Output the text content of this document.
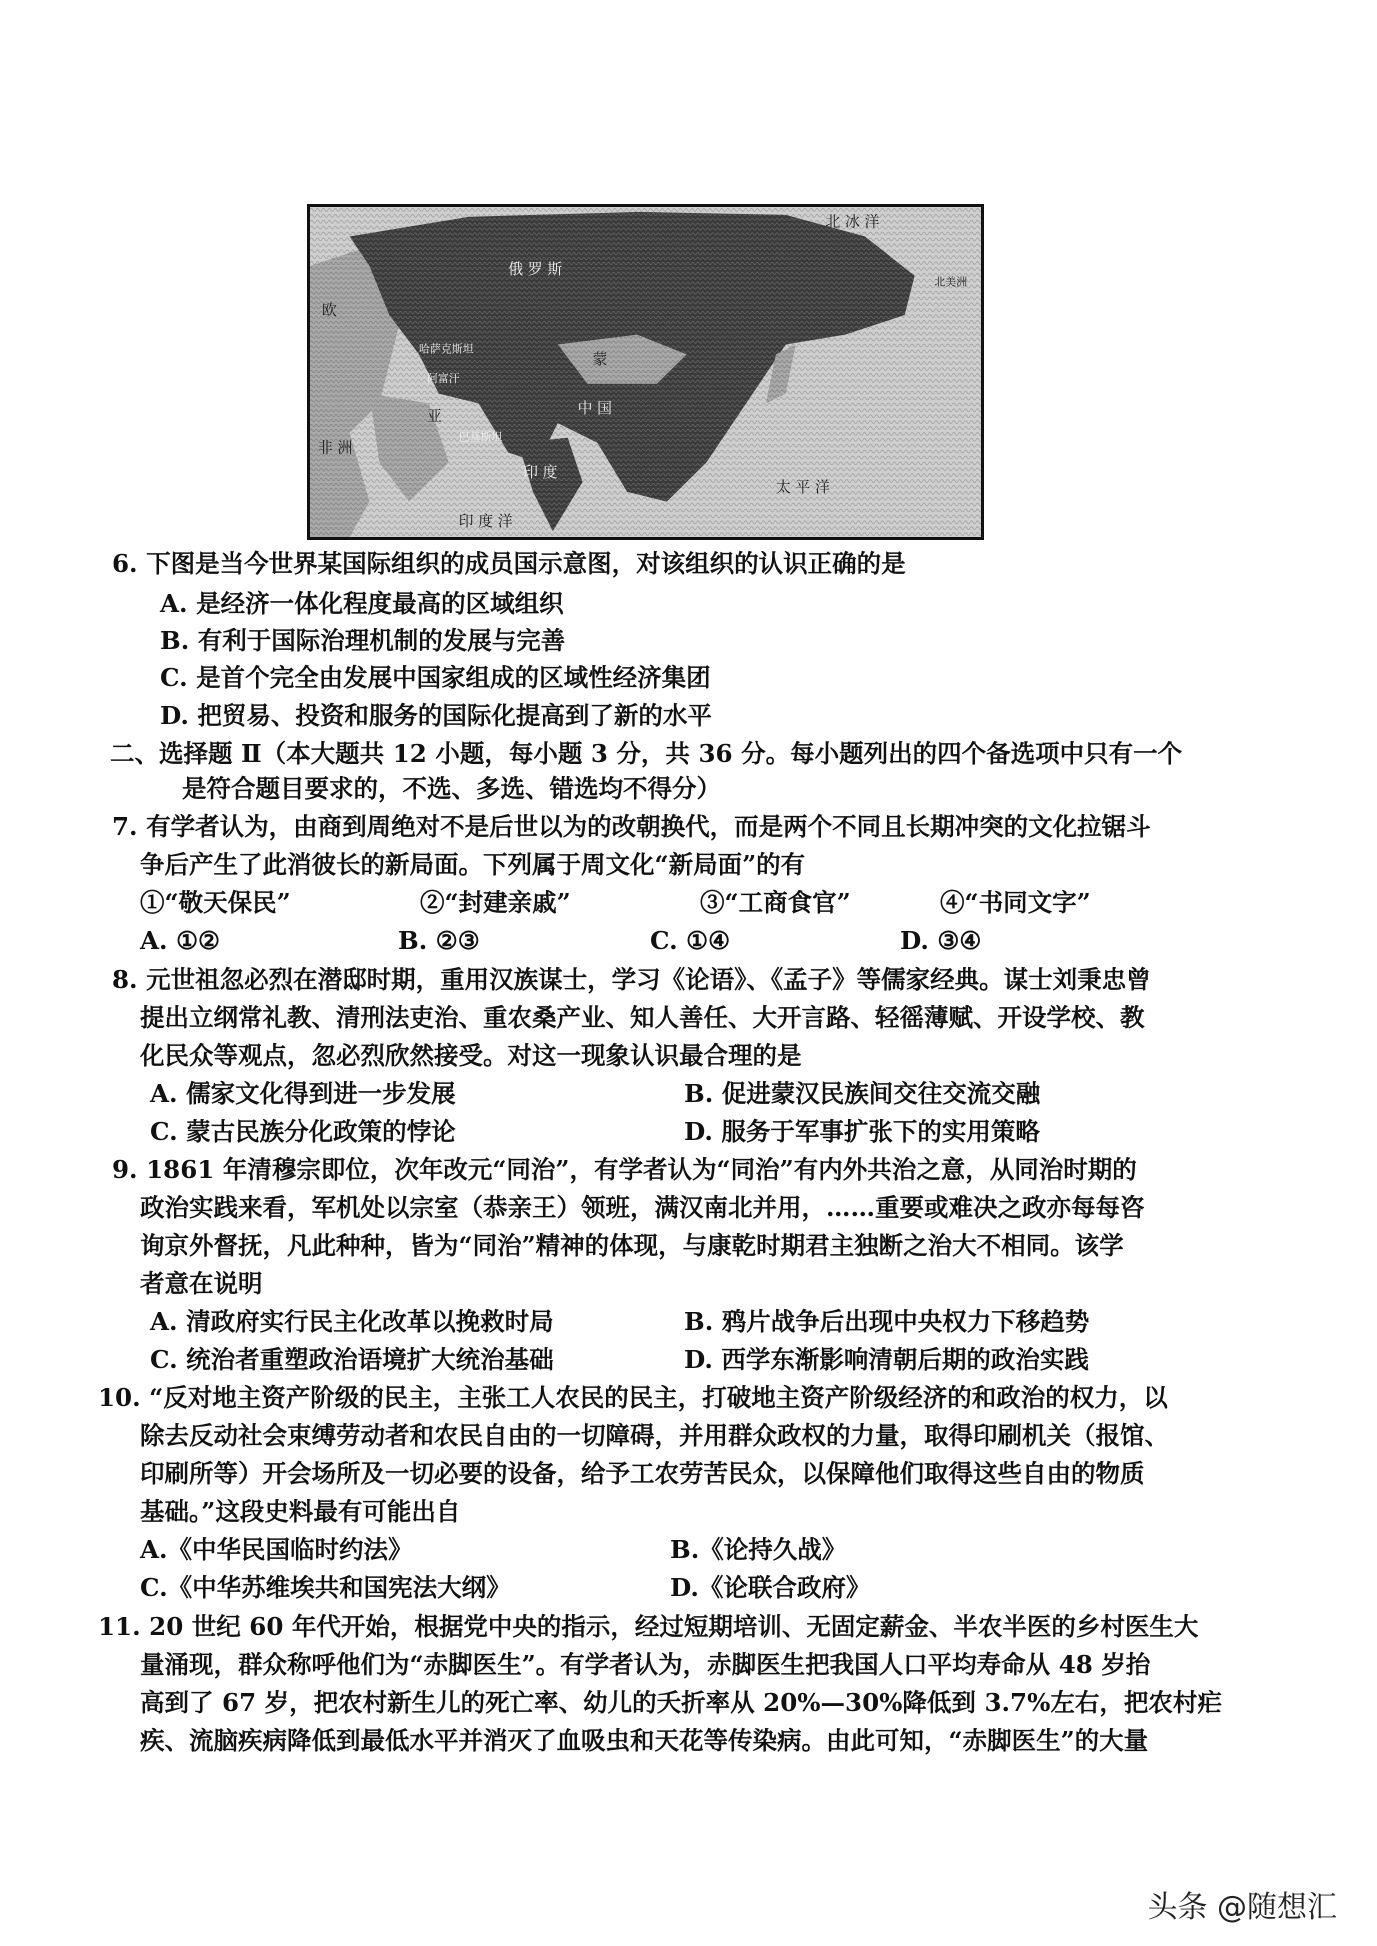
北 冰 洋
俄 罗 斯
欧
哈萨克斯坦
蒙
中 国
阿富汗
亚
巴基斯坦
印 度
太 平 洋
非 洲
印 度 洋
北美洲
6. 下图是当今世界某国际组织的成员国示意图，对该组织的认识正确的是
A. 是经济一体化程度最高的区域组织
B. 有利于国际治理机制的发展与完善
C. 是首个完全由发展中国家组成的区域性经济集团
D. 把贸易、投资和服务的国际化提高到了新的水平
二、选择题 Ⅱ（本大题共 12 小题，每小题 3 分，共 36 分。每小题列出的四个备选项中只有一个
是符合题目要求的，不选、多选、错选均不得分）
7. 有学者认为，由商到周绝对不是后世以为的改朝换代，而是两个不同且长期冲突的文化拉锯斗
争后产生了此消彼长的新局面。下列属于周文化“新局面”的有
①“敬天保民”	②“封建亲戚”	③“工商食官”	④“书同文字”
A. ①②	B. ②③	C. ①④	D. ③④
8. 元世祖忽必烈在潜邸时期，重用汉族谋士，学习《论语》、《孟子》等儒家经典。谋士刘秉忠曾
提出立纲常礼教、清刑法吏治、重农桑产业、知人善任、大开言路、轻徭薄赋、开设学校、教
化民众等观点，忽必烈欣然接受。对这一现象认识最合理的是
A. 儒家文化得到进一步发展	B. 促进蒙汉民族间交往交流交融
C. 蒙古民族分化政策的悖论	D. 服务于军事扩张下的实用策略
9. 1861 年清穆宗即位，次年改元“同治”，有学者认为“同治”有内外共治之意，从同治时期的
政治实践来看，军机处以宗室（恭亲王）领班，满汉南北并用，……重要或难决之政亦每每咨
询京外督抚，凡此种种，皆为“同治”精神的体现，与康乾时期君主独断之治大不相同。该学
者意在说明
A. 清政府实行民主化改革以挽救时局	B. 鸦片战争后出现中央权力下移趋势
C. 统治者重塑政治语境扩大统治基础	D. 西学东渐影响清朝后期的政治实践
10. “反对地主资产阶级的民主，主张工人农民的民主，打破地主资产阶级经济的和政治的权力，以
除去反动社会束缚劳动者和农民自由的一切障碍，并用群众政权的力量，取得印刷机关（报馆、
印刷所等）开会场所及一切必要的设备，给予工农劳苦民众，以保障他们取得这些自由的物质
基础。”这段史料最有可能出自
A.《中华民国临时约法》	B.《论持久战》
C.《中华苏维埃共和国宪法大纲》	D.《论联合政府》
11. 20 世纪 60 年代开始，根据党中央的指示，经过短期培训、无固定薪金、半农半医的乡村医生大
量涌现，群众称呼他们为“赤脚医生”。有学者认为，赤脚医生把我国人口平均寿命从 48 岁抬
高到了 67 岁，把农村新生儿的死亡率、幼儿的夭折率从 20%—30%降低到 3.7%左右，把农村疟
疾、流脑疾病降低到最低水平并消灭了血吸虫和天花等传染病。由此可知，“赤脚医生”的大量
头条 @随想汇
